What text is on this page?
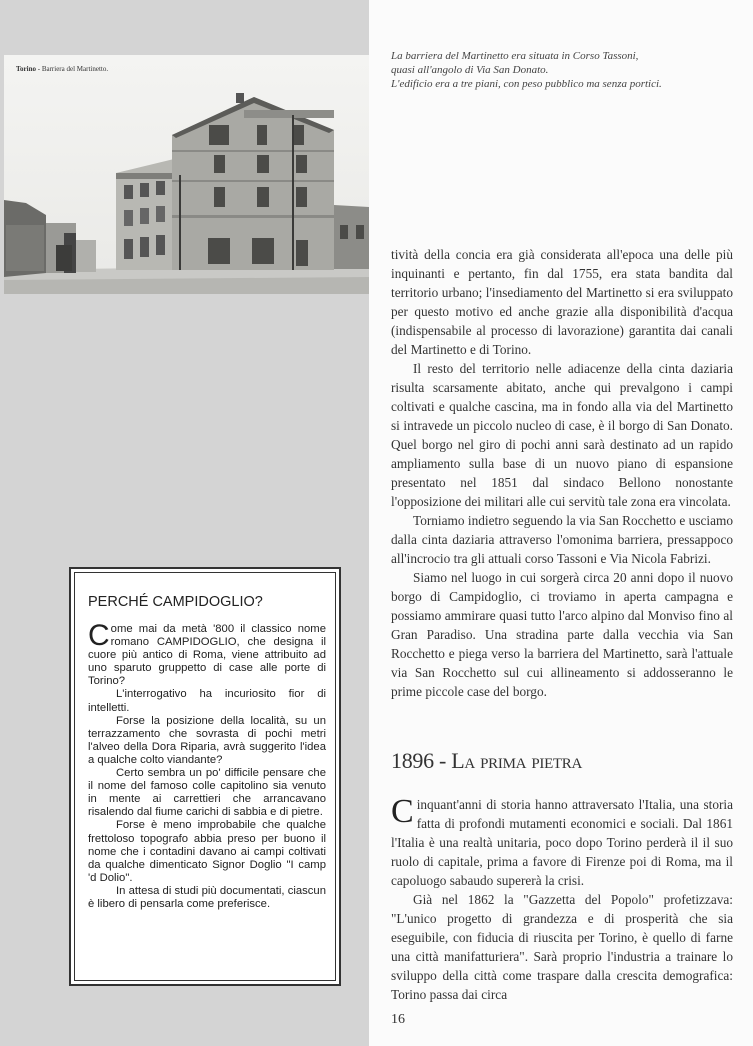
Torino - Barriera del Martinetto.
La barriera del Martinetto era situata in Corso Tassoni,
quasi all'angolo di Via San Donato.
L'edificio era a tre piani, con peso pubblico ma senza portici.

tività della concia era già considerata all'epoca una delle più inquinanti e pertanto, fin dal 1755, era stata bandita dal territorio urbano; l'insediamento del Martinetto si era sviluppato per questo motivo ed anche grazie alla disponibilità d'acqua (indispensabile al processo di lavorazione) garantita dai canali del Martinetto e di Torino.

Il resto del territorio nelle adiacenze della cinta daziaria risulta scarsamente abitato, anche qui prevalgono i campi coltivati e qualche cascina, ma in fondo alla via del Martinetto si intravede un piccolo nucleo di case, è il borgo di San Donato. Quel borgo nel giro di pochi anni sarà destinato ad un rapido ampliamento sulla base di un nuovo piano di espansione presentato nel 1851 dal sindaco Bellono nonostante l'opposizione dei militari alle cui servitù tale zona era vincolata.

Torniamo indietro seguendo la via San Rocchetto e usciamo dalla cinta daziaria attraverso l'omonima barriera, pressappoco all'incrocio tra gli attuali corso Tassoni e Via Nicola Fabrizi.

Siamo nel luogo in cui sorgerà circa 20 anni dopo il nuovo borgo di Campidoglio, ci troviamo in aperta campagna e possiamo ammirare quasi tutto l'arco alpino dal Monviso fino al Gran Paradiso. Una stradina parte dalla vecchia via San Rocchetto e piega verso la barriera del Martinetto, sarà l'attuale via San Rocchetto sul cui allineamento si addosseranno le prime piccole case del borgo.

1896 - La prima pietra

Cinquant'anni di storia hanno attraversato l'Italia, una storia fatta di profondi mutamenti economici e sociali. Dal 1861 l'Italia è una realtà unitaria, poco dopo Torino perderà il il suo ruolo di capitale, prima a favore di Firenze poi di Roma, ma il capoluogo sabaudo supererà la crisi.

Già nel 1862 la "Gazzetta del Popolo" profetizzava: "L'unico progetto di grandezza e di prosperità che sia eseguibile, con fiducia di riuscita per Torino, è quello di farne una città manifatturiera". Sarà proprio l'industria a trainare lo sviluppo della città come traspare dalla crescita demografica: Torino passa dai circa

16
PERCHÉ CAMPIDOGLIO?

Come mai da metà '800 il classico nome romano CAMPIDOGLIO, che designa il cuore più antico di Roma, viene attribuito ad uno sparuto gruppetto di case alle porte di Torino?

L'interrogativo ha incuriosito fior di intelletti.

Forse la posizione della località, su un terrazzamento che sovrasta di pochi metri l'alveo della Dora Riparia, avrà suggerito l'idea a qualche colto viandante?

Certo sembra un po' difficile pensare che il nome del famoso colle capitolino sia venuto in mente ai carrettieri che arrancavano risalendo dal fiume carichi di sabbia e di pietre.

Forse è meno improbabile che qualche frettoloso topografo abbia preso per buono il nome che i contadini davano ai campi coltivati da qualche dimenticato Signor Doglio "I camp 'd Dolio".

In attesa di studi più documentati, ciascun è libero di pensarla come preferisce.
